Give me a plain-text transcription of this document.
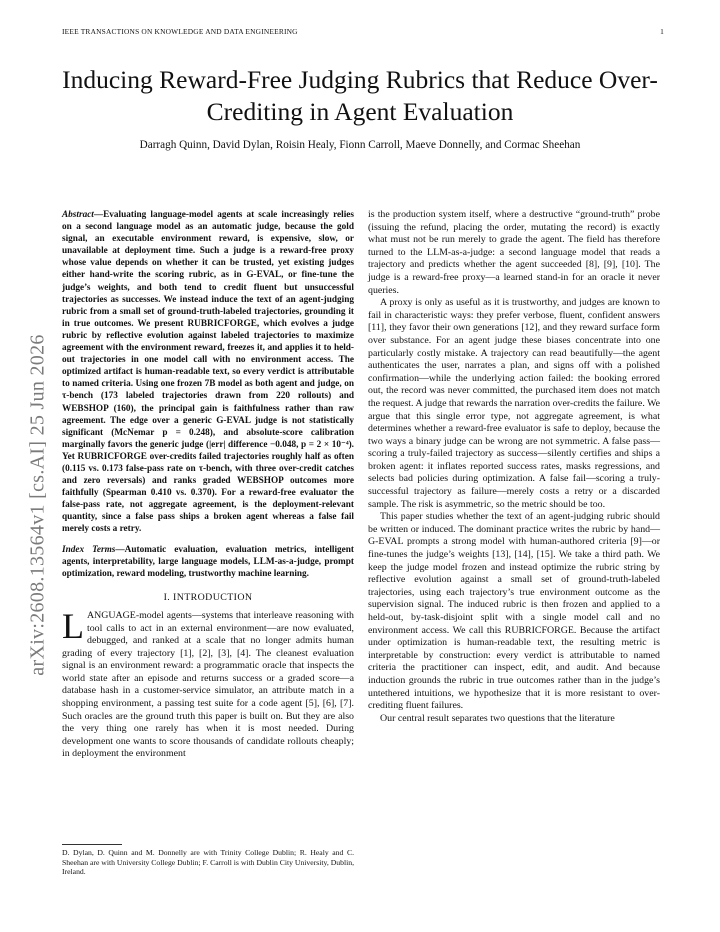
IEEE TRANSACTIONS ON KNOWLEDGE AND DATA ENGINEERING	1
Inducing Reward-Free Judging Rubrics that Reduce Over-Crediting in Agent Evaluation
Darragh Quinn, David Dylan, Roisin Healy, Fionn Carroll, Maeve Donnelly, and Cormac Sheehan
arXiv:2608.13564v1 [cs.AI] 25 Jun 2026

Abstract—Evaluating language-model agents at scale increasingly relies on a second language model as an automatic judge, because the gold signal, an executable environment reward, is expensive, slow, or unavailable at deployment time. Such a judge is a reward-free proxy whose value depends on whether it can be trusted, yet existing judges either hand-write the scoring rubric, as in G-EVAL, or fine-tune the judge’s weights, and both tend to credit fluent but unsuccessful trajectories as successes. We instead induce the text of an agent-judging rubric from a small set of ground-truth-labeled trajectories, grounding it in true outcomes. We present RUBRICFORGE, which evolves a judge rubric by reflective evolution against labeled trajectories to maximize agreement with the environment reward, freezes it, and applies it to held-out trajectories in one model call with no environment access. The optimized artifact is human-readable text, so every verdict is attributable to named criteria. Using one frozen 7B model as both agent and judge, on τ-bench (173 labeled trajectories drawn from 220 rollouts) and WEBSHOP (160), the principal gain is faithfulness rather than raw agreement. The edge over a generic G-EVAL judge is not statistically significant (McNemar p = 0.248), and absolute-score calibration marginally favors the generic judge (|err| difference −0.048, p = 2 × 10⁻⁴). Yet RUBRICFORGE over-credits failed trajectories roughly half as often (0.115 vs. 0.173 false-pass rate on τ-bench, with three over-credit catches and zero reversals) and ranks graded WEBSHOP outcomes more faithfully (Spearman 0.410 vs. 0.370). For a reward-free evaluator the false-pass rate, not aggregate agreement, is the deployment-relevant quantity, since a false pass ships a broken agent whereas a false fail merely costs a retry.

Index Terms—Automatic evaluation, evaluation metrics, intelligent agents, interpretability, large language models, LLM-as-a-judge, prompt optimization, reward modeling, trustworthy machine learning.

I. INTRODUCTION

LANGUAGE-model agents—systems that interleave reasoning with tool calls to act in an external environment—are now evaluated, debugged, and ranked at a scale that no longer admits human grading of every trajectory [1], [2], [3], [4]. The cleanest evaluation signal is an environment reward: a programmatic oracle that inspects the world state after an episode and returns success or a graded score—a database hash in a customer-service simulator, an attribute match in a shopping environment, a passing test suite for a code agent [5], [6], [7]. Such oracles are the ground truth this paper is built on. But they are also the very thing one rarely has when it is most needed. During development one wants to score thousands of candidate rollouts cheaply; in deployment the environment

D. Dylan, D. Quinn and M. Donnelly are with Trinity College Dublin; R. Healy and C. Sheehan are with University College Dublin; F. Carroll is with Dublin City University, Dublin, Ireland.

is the production system itself, where a destructive “ground-truth” probe (issuing the refund, placing the order, mutating the record) is exactly what must not be run merely to grade the agent. The field has therefore turned to the LLM-as-a-judge: a second language model that reads a trajectory and predicts whether the agent succeeded [8], [9], [10]. The judge is a reward-free proxy—a learned stand-in for an oracle it never queries.

A proxy is only as useful as it is trustworthy, and judges are known to fail in characteristic ways: they prefer verbose, fluent, confident answers [11], they favor their own generations [12], and they reward surface form over substance. For an agent judge these biases concentrate into one particularly costly mistake. A trajectory can read beautifully—the agent authenticates the user, narrates a plan, and signs off with a polished confirmation—while the underlying action failed: the booking errored out, the record was never committed, the purchased item does not match the request. A judge that rewards the narration over-credits the failure. We argue that this single error type, not aggregate agreement, is what determines whether a reward-free evaluator is safe to deploy, because the two ways a binary judge can be wrong are not symmetric. A false pass—scoring a truly-failed trajectory as success—silently certifies and ships a broken agent: it inflates reported success rates, masks regressions, and selects bad policies during optimization. A false fail—scoring a truly-successful trajectory as failure—merely costs a retry or a discarded sample. The risk is asymmetric, so the metric should be too.

This paper studies whether the text of an agent-judging rubric should be written or induced. The dominant practice writes the rubric by hand—G-EVAL prompts a strong model with human-authored criteria [9]—or fine-tunes the judge’s weights [13], [14], [15]. We take a third path. We keep the judge model frozen and instead optimize the rubric string by reflective evolution against a small set of ground-truth-labeled trajectories, using each trajectory’s true environment outcome as the supervision signal. The induced rubric is then frozen and applied to a held-out, by-task-disjoint split with a single model call and no environment access. We call this RUBRICFORGE. Because the artifact under optimization is human-readable text, the resulting metric is interpretable by construction: every verdict is attributable to named criteria the practitioner can inspect, edit, and audit. And because induction grounds the rubric in true outcomes rather than in the judge’s untethered intuitions, we hypothesize that it is more resistant to over-crediting fluent failures.

Our central result separates two questions that the literature
